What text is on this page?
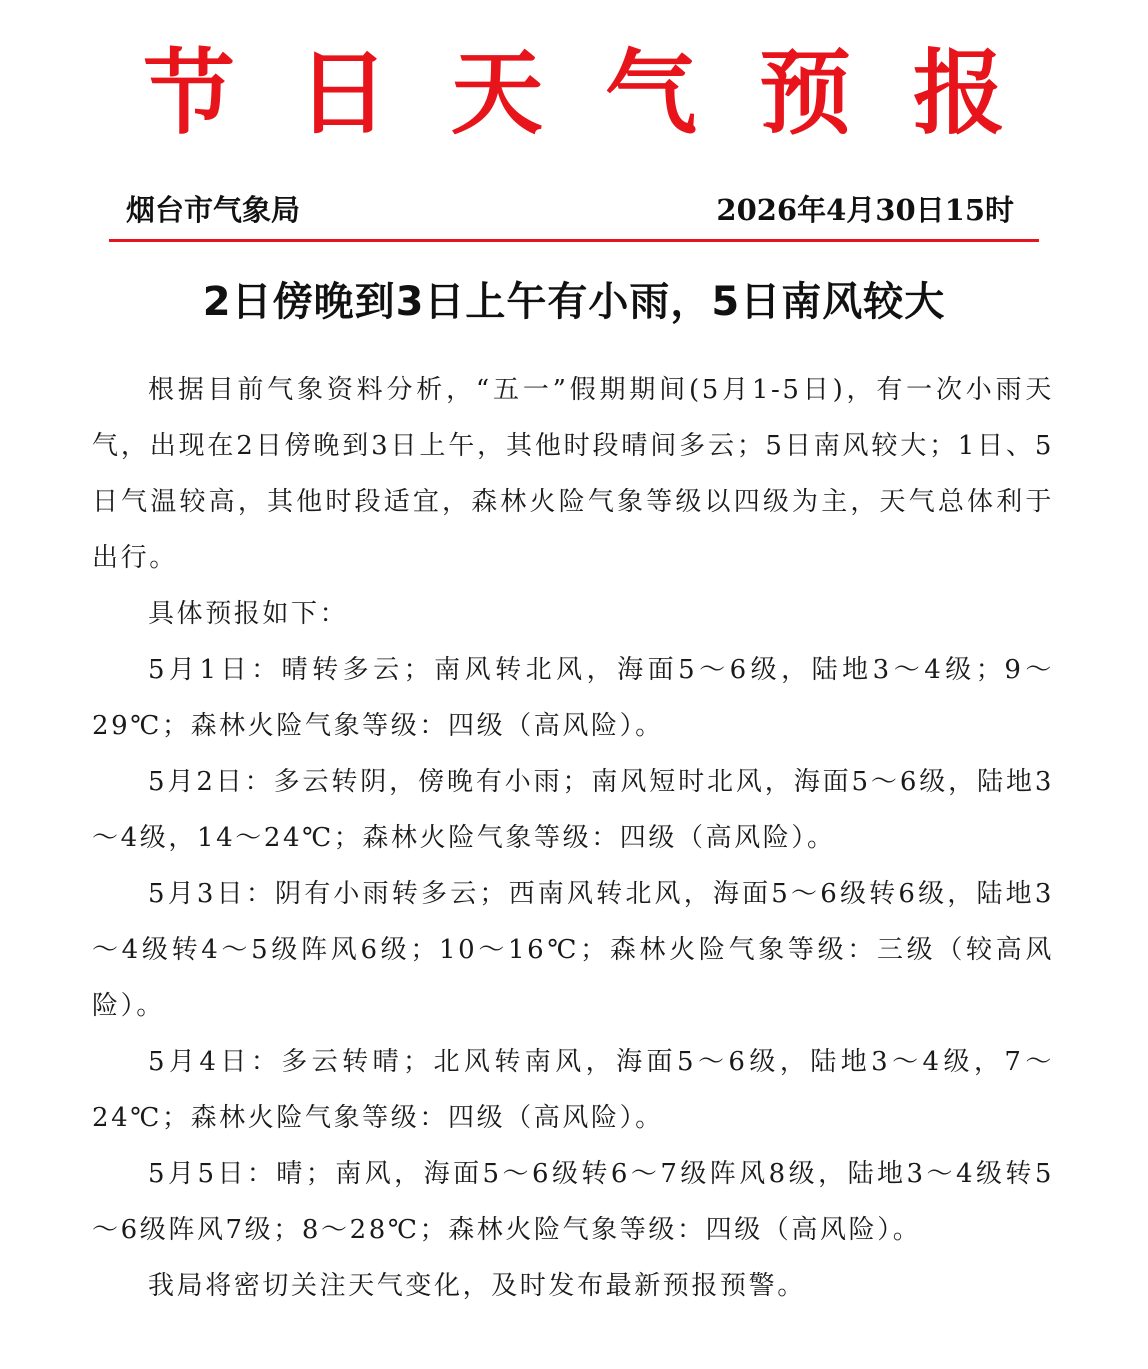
节日天气预报
烟台市气象局	2026年4月30日15时
2日傍晚到3日上午有小雨，5日南风较大

根据目前气象资料分析，“五一”假期期间(5月1-5日)，有一次小雨天气，出现在2日傍晚到3日上午，其他时段晴间多云；5日南风较大；1日、5日气温较高，其他时段适宜，森林火险气象等级以四级为主，天气总体利于出行。

具体预报如下：

5月1日：晴转多云；南风转北风，海面5～6级，陆地3～4级；9～29℃；森林火险气象等级：四级（高风险）。

5月2日：多云转阴，傍晚有小雨；南风短时北风，海面5～6级，陆地3～4级，14～24℃；森林火险气象等级：四级（高风险）。

5月3日：阴有小雨转多云；西南风转北风，海面5～6级转6级，陆地3～4级转4～5级阵风6级；10～16℃；森林火险气象等级：三级（较高风险）。

5月4日：多云转晴；北风转南风，海面5～6级，陆地3～4级，7～24℃；森林火险气象等级：四级（高风险）。

5月5日：晴；南风，海面5～6级转6～7级阵风8级，陆地3～4级转5～6级阵风7级；8～28℃；森林火险气象等级：四级（高风险）。

我局将密切关注天气变化，及时发布最新预报预警。
